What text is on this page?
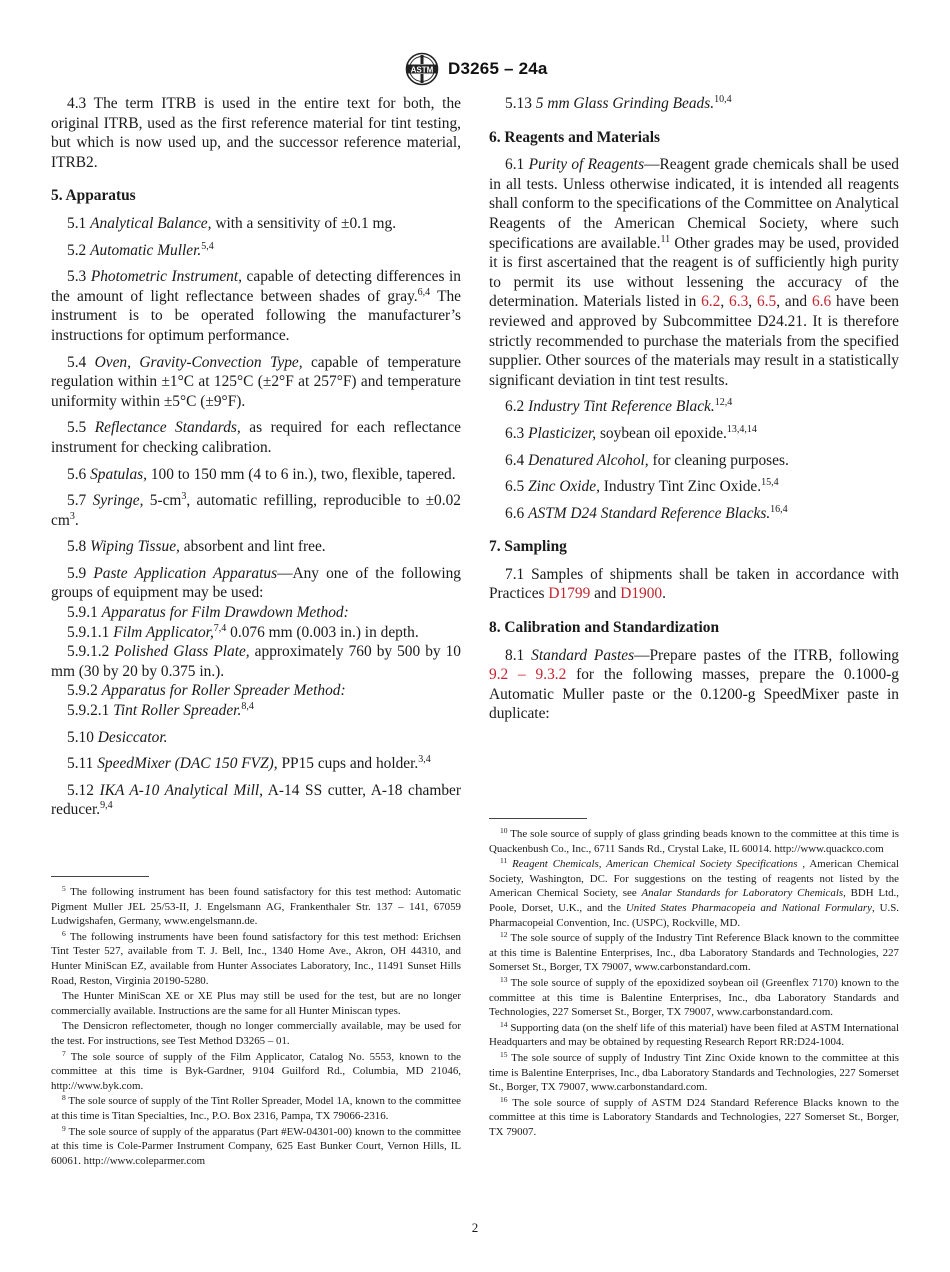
ASTM D3265 – 24a

4.3 The term ITRB is used in the entire text for both, the original ITRB, used as the first reference material for tint testing, but which is now used up, and the successor reference material, ITRB2.

5. Apparatus

5.1 Analytical Balance, with a sensitivity of ±0.1 mg.

5.2 Automatic Muller.$^{5,4}$

5.3 Photometric Instrument, capable of detecting differences in the amount of light reflectance between shades of gray.$^{6,4}$ The instrument is to be operated following the manufacturer’s instructions for optimum performance.

5.4 Oven, Gravity-Convection Type, capable of temperature regulation within ±1°C at 125°C (±2°F at 257°F) and temperature uniformity within ±5°C (±9°F).

5.5 Reflectance Standards, as required for each reflectance instrument for checking calibration.

5.6 Spatulas, 100 to 150 mm (4 to 6 in.), two, flexible, tapered.

5.7 Syringe, $5-cm^3$, automatic refilling, reproducible to ±0.02 $cm^3$.

5.8 Wiping Tissue, absorbent and lint free.

5.9 Paste Application Apparatus—Any one of the following groups of equipment may be used:

5.9.1 Apparatus for Film Drawdown Method:

5.9.1.1 Film Applicator,$^{7,4}$ 0.076 mm (0.003 in.) in depth.

5.9.1.2 Polished Glass Plate, approximately 760 by 500 by 10 mm (30 by 20 by 0.375 in.).

5.9.2 Apparatus for Roller Spreader Method:

5.9.2.1 Tint Roller Spreader.$^{8,4}$

5.10 Desiccator.

5.11 SpeedMixer (DAC 150 FVZ), PP15 cups and holder.$^{3,4}$

5.12 IKA A-10 Analytical Mill, A-14 SS cutter, A-18 chamber reducer.$^{9,4}$

5.13 5 mm Glass Grinding Beads.$^{10,4}$

6. Reagents and Materials

6.1 Purity of Reagents—Reagent grade chemicals shall be used in all tests. Unless otherwise indicated, it is intended all reagents shall conform to the specifications of the Committee on Analytical Reagents of the American Chemical Society, where such specifications are available.$^{11}$ Other grades may be used, provided it is first ascertained that the reagent is of sufficiently high purity to permit its use without lessening the accuracy of the determination. Materials listed in 6.2, 6.3, 6.5, and 6.6 have been reviewed and approved by Subcommittee D24.21. It is therefore strictly recommended to purchase the materials from the specified supplier. Other sources of the materials may result in a statistically significant deviation in tint test results.

6.2 Industry Tint Reference Black.$^{12,4}$

6.3 Plasticizer, soybean oil epoxide.$^{13,4,14}$

6.4 Denatured Alcohol, for cleaning purposes.

6.5 Zinc Oxide, Industry Tint Zinc Oxide.$^{15,4}$

6.6 ASTM D24 Standard Reference Blacks.$^{16,4}$

7. Sampling

7.1 Samples of shipments shall be taken in accordance with Practices D1799 and D1900.

8. Calibration and Standardization

8.1 Standard Pastes—Prepare pastes of the ITRB, following 9.2 – 9.3.2 for the following masses, prepare the 0.1000-g Automatic Muller paste or the 0.1200-g SpeedMixer paste in duplicate:

$^5$ The following instrument has been found satisfactory for this test method: Automatic Pigment Muller JEL 25/53-II, J. Engelsmann AG, Frankenthaler Str. 137 – 141, 67059 Ludwigshafen, Germany, www.engelsmann.de.

$^6$ The following instruments have been found satisfactory for this test method: Erichsen Tint Tester 527, available from T. J. Bell, Inc., 1340 Home Ave., Akron, OH 44310, and Hunter MiniScan EZ, available from Hunter Associates Laboratory, Inc., 11491 Sunset Hills Road, Reston, Virginia 20190-5280.

The Hunter MiniScan XE or XE Plus may still be used for the test, but are no longer commercially available. Instructions are the same for all Hunter Miniscan types.

The Densicron reflectometer, though no longer commercially available, may be used for the test. For instructions, see Test Method D3265 – 01.

$^7$ The sole source of supply of the Film Applicator, Catalog No. 5553, known to the committee at this time is Byk-Gardner, 9104 Guilford Rd., Columbia, MD 21046, http://www.byk.com.

$^8$ The sole source of supply of the Tint Roller Spreader, Model 1A, known to the committee at this time is Titan Specialties, Inc., P.O. Box 2316, Pampa, TX 79066-2316.

$^9$ The sole source of supply of the apparatus (Part #EW-04301-00) known to the committee at this time is Cole-Parmer Instrument Company, 625 East Bunker Court, Vernon Hills, IL 60061. http://www.coleparmer.com

$^{10}$ The sole source of supply of glass grinding beads known to the committee at this time is Quackenbush Co., Inc., 6711 Sands Rd., Crystal Lake, IL 60014. http://www.quackco.com

$^{11}$ Reagent Chemicals, American Chemical Society Specifications , American Chemical Society, Washington, DC. For suggestions on the testing of reagents not listed by the American Chemical Society, see Analar Standards for Laboratory Chemicals, BDH Ltd., Poole, Dorset, U.K., and the United States Pharmacopeia and National Formulary, U.S. Pharmacopeial Convention, Inc. (USPC), Rockville, MD.

$^{12}$ The sole source of supply of the Industry Tint Reference Black known to the committee at this time is Balentine Enterprises, Inc., dba Laboratory Standards and Technologies, 227 Somerset St., Borger, TX 79007, www.carbonstandard.com.

$^{13}$ The sole source of supply of the epoxidized soybean oil (Greenflex 7170) known to the committee at this time is Balentine Enterprises, Inc., dba Laboratory Standards and Technologies, 227 Somerset St., Borger, TX 79007, www.carbonstandard.com.

$^{14}$ Supporting data (on the shelf life of this material) have been filed at ASTM International Headquarters and may be obtained by requesting Research Report RR:D24-1004.

$^{15}$ The sole source of supply of Industry Tint Zinc Oxide known to the committee at this time is Balentine Enterprises, Inc., dba Laboratory Standards and Technologies, 227 Somerset St., Borger, TX 79007, www.carbonstandard.com.

$^{16}$ The sole source of supply of ASTM D24 Standard Reference Blacks known to the committee at this time is Laboratory Standards and Technologies, 227 Somerset St., Borger, TX 79007.

2
